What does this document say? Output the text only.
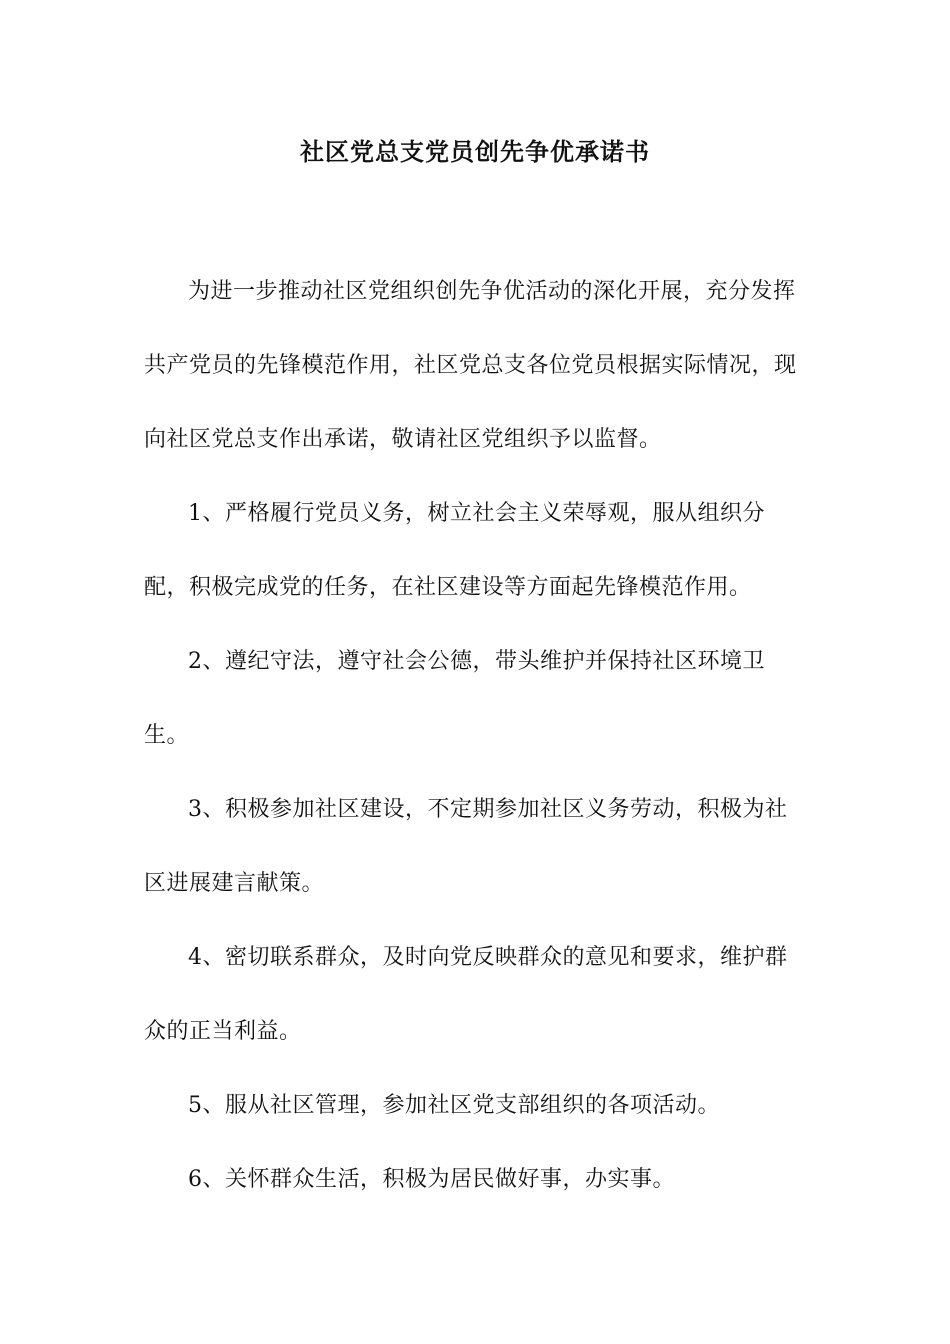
社区党总支党员创先争优承诺书

为进一步推动社区党组织创先争优活动的深化开展，充分发挥共产党员的先锋模范作用，社区党总支各位党员根据实际情况，现向社区党总支作出承诺，敬请社区党组织予以监督。

1、严格履行党员义务，树立社会主义荣辱观，服从组织分配，积极完成党的任务，在社区建设等方面起先锋模范作用。

2、遵纪守法，遵守社会公德，带头维护并保持社区环境卫生。

3、积极参加社区建设，不定期参加社区义务劳动，积极为社区进展建言献策。

4、密切联系群众，及时向党反映群众的意见和要求，维护群众的正当利益。

5、服从社区管理，参加社区党支部组织的各项活动。

6、关怀群众生活，积极为居民做好事，办实事。
